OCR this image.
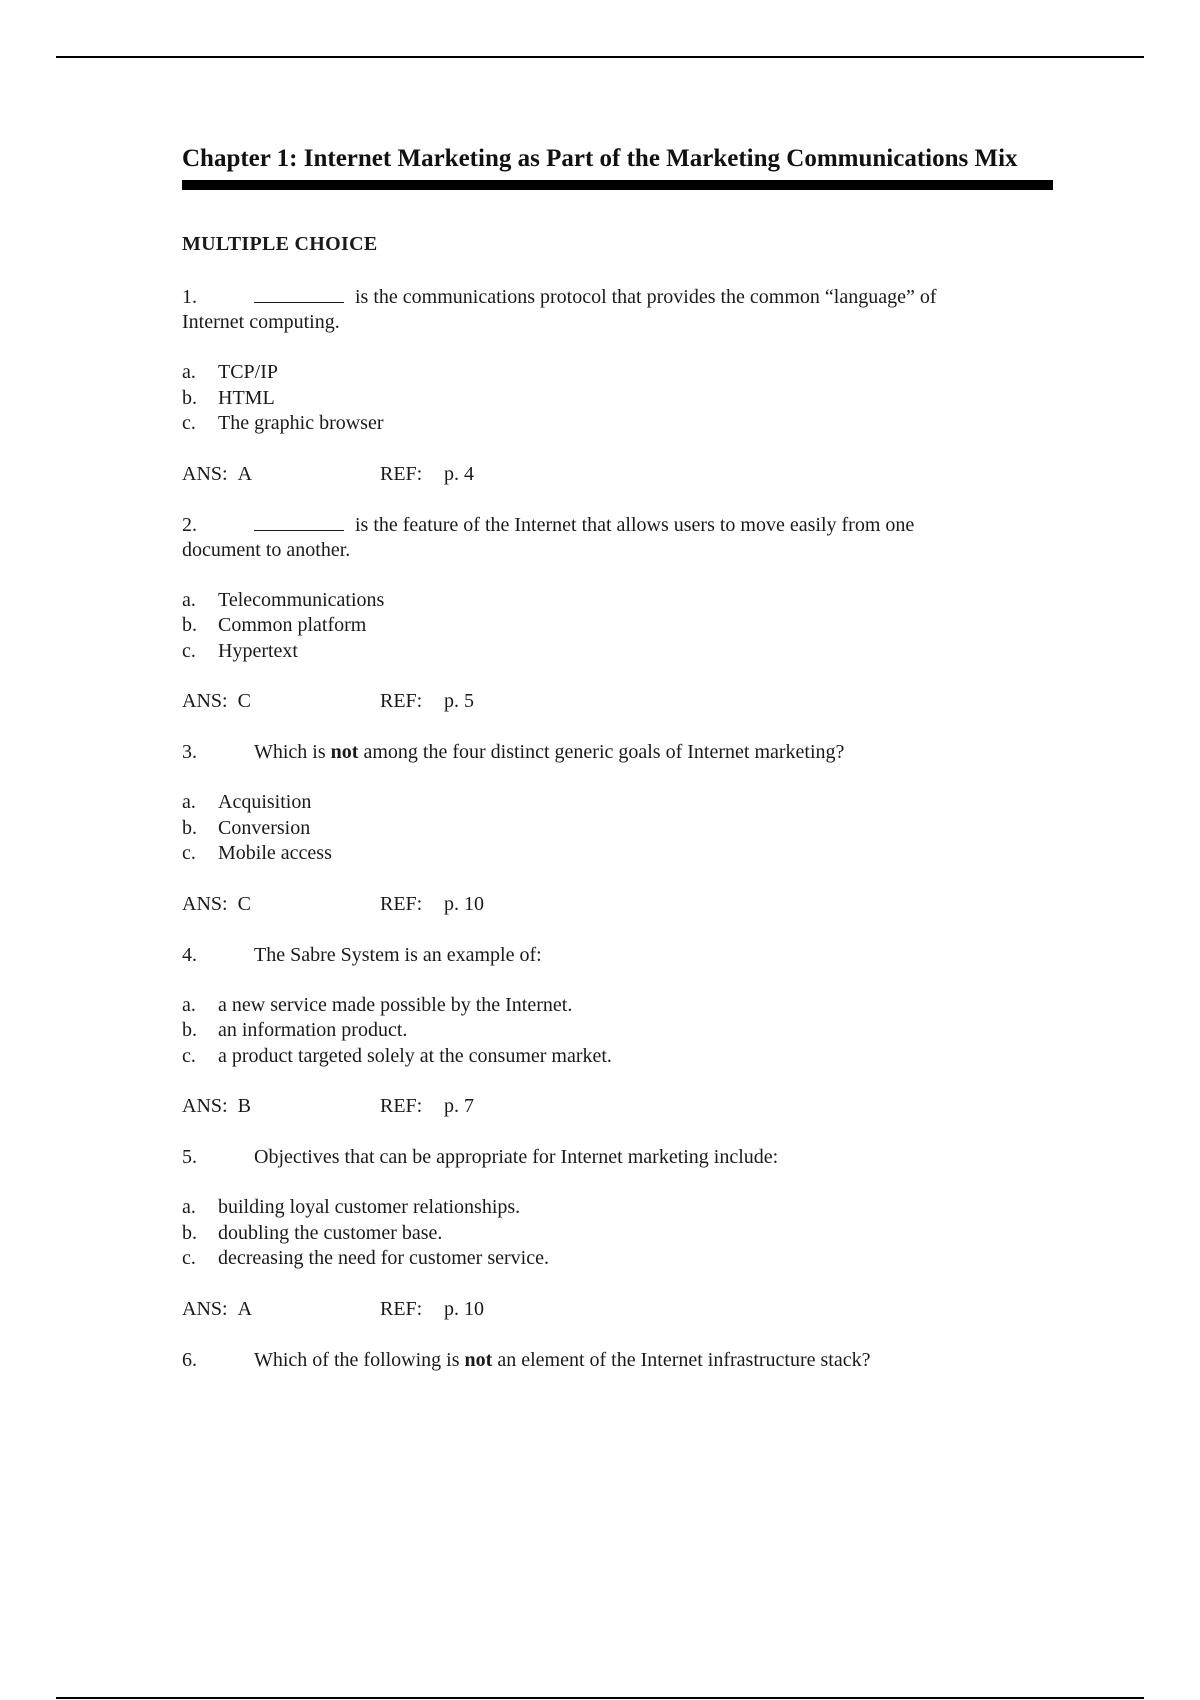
Chapter 1: Internet Marketing as Part of the Marketing Communications Mix
MULTIPLE CHOICE
1.	is the communications protocol that provides the common “language” of
Internet computing.
a.	TCP/IP
b.	HTML
c.	The graphic browser
ANS: A	REF:	p. 4
2.	is the feature of the Internet that allows users to move easily from one
document to another.
a.	Telecommunications
b.	Common platform
c.	Hypertext
ANS: C	REF:	p. 5
3.	Which is not among the four distinct generic goals of Internet marketing?
a.	Acquisition
b.	Conversion
c.	Mobile access
ANS: C	REF:	p. 10
4.	The Sabre System is an example of:
a.	a new service made possible by the Internet.
b.	an information product.
c.	a product targeted solely at the consumer market.
ANS: B	REF:	p. 7
5.	Objectives that can be appropriate for Internet marketing include:
a.	building loyal customer relationships.
b.	doubling the customer base.
c.	decreasing the need for customer service.
ANS: A	REF:	p. 10
6.	Which of the following is not an element of the Internet infrastructure stack?
